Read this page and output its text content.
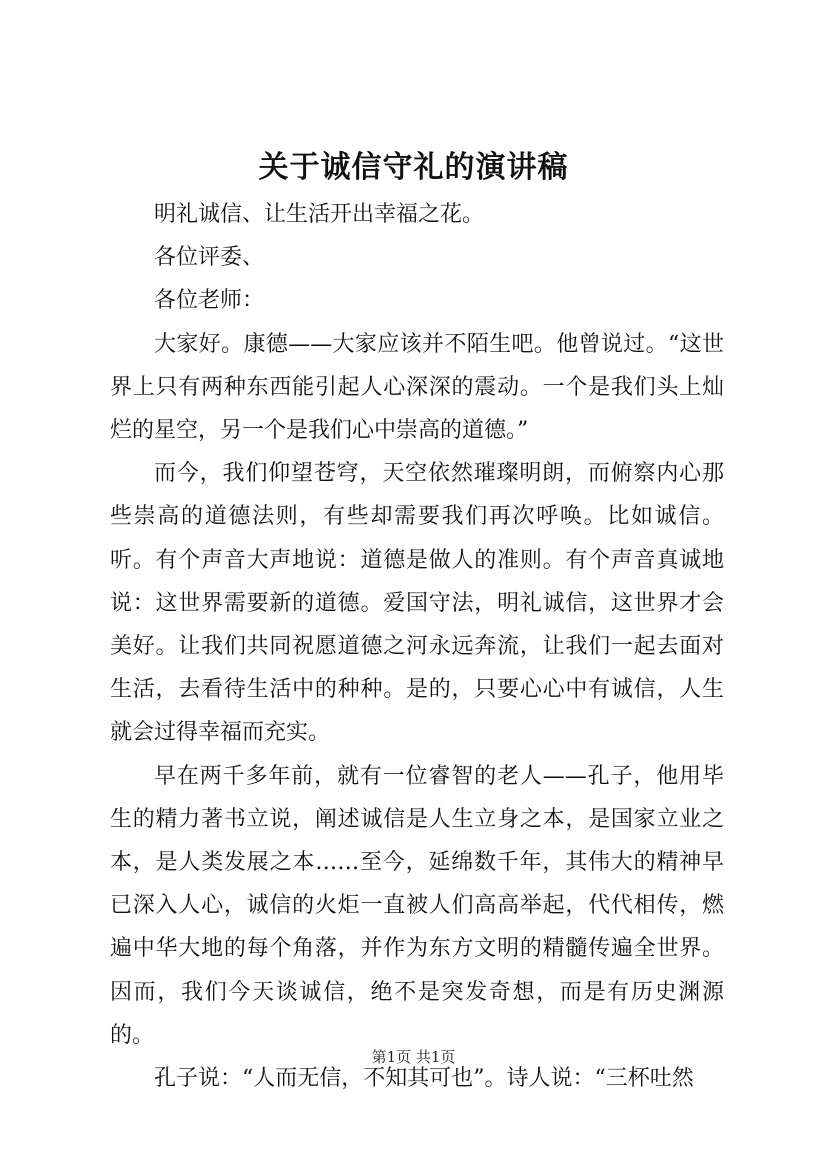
关于诚信守礼的演讲稿

明礼诚信、让生活开出幸福之花。

各位评委、

各位老师：

大家好。康德——大家应该并不陌生吧。他曾说过。“这世界上只有两种东西能引起人心深深的震动。一个是我们头上灿烂的星空，另一个是我们心中崇高的道德。”

而今，我们仰望苍穹，天空依然璀璨明朗，而俯察内心那些崇高的道德法则，有些却需要我们再次呼唤。比如诚信。听。有个声音大声地说：道德是做人的准则。有个声音真诚地说：这世界需要新的道德。爱国守法，明礼诚信，这世界才会美好。让我们共同祝愿道德之河永远奔流，让我们一起去面对生活，去看待生活中的种种。是的，只要心心中有诚信，人生就会过得幸福而充实。

早在两千多年前，就有一位睿智的老人——孔子，他用毕生的精力著书立说，阐述诚信是人生立身之本，是国家立业之本，是人类发展之本……至今，延绵数千年，其伟大的精神早已深入人心，诚信的火炬一直被人们高高举起，代代相传，燃遍中华大地的每个角落，并作为东方文明的精髓传遍全世界。因而，我们今天谈诚信，绝不是突发奇想，而是有历史渊源的。

孔子说：“人而无信，不知其可也”。诗人说：“三杯吐然

第1页 共1页
